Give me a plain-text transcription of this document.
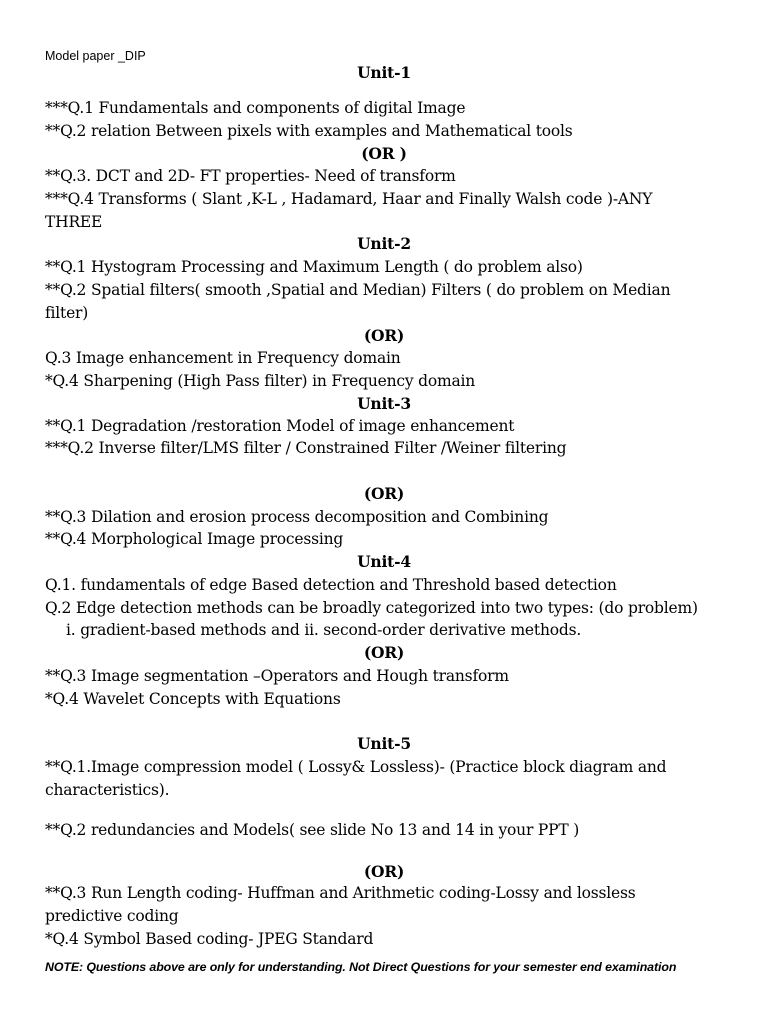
Model paper _DIP
Unit-1
***Q.1 Fundamentals and components of digital Image
**Q.2 relation Between pixels with examples and Mathematical tools
(OR )
**Q.3. DCT and 2D- FT properties- Need of transform
***Q.4 Transforms ( Slant ,K-L , Hadamard, Haar and Finally Walsh code )-ANY
THREE
Unit-2
**Q.1 Hystogram Processing and Maximum Length ( do problem also)
**Q.2 Spatial filters( smooth ,Spatial and Median) Filters ( do problem on Median
filter)
(OR)
Q.3 Image enhancement in Frequency domain
*Q.4 Sharpening (High Pass filter) in Frequency domain
Unit-3
**Q.1 Degradation /restoration Model of image enhancement
***Q.2 Inverse filter/LMS filter / Constrained Filter /Weiner filtering
(OR)
**Q.3 Dilation and erosion process decomposition and Combining
**Q.4 Morphological Image processing
Unit-4
Q.1. fundamentals of edge Based detection and Threshold based detection
Q.2 Edge detection methods can be broadly categorized into two types: (do problem)
i. gradient-based methods and ii. second-order derivative methods.
(OR)
**Q.3 Image segmentation –Operators and Hough transform
*Q.4 Wavelet Concepts with Equations
Unit-5
**Q.1.Image compression model ( Lossy& Lossless)- (Practice block diagram and
characteristics).
**Q.2 redundancies and Models( see slide No 13 and 14 in your PPT )
(OR)
**Q.3 Run Length coding- Huffman and Arithmetic coding-Lossy and lossless
predictive coding
*Q.4 Symbol Based coding- JPEG Standard
NOTE: Questions above are only for understanding. Not Direct Questions for your semester end examination
